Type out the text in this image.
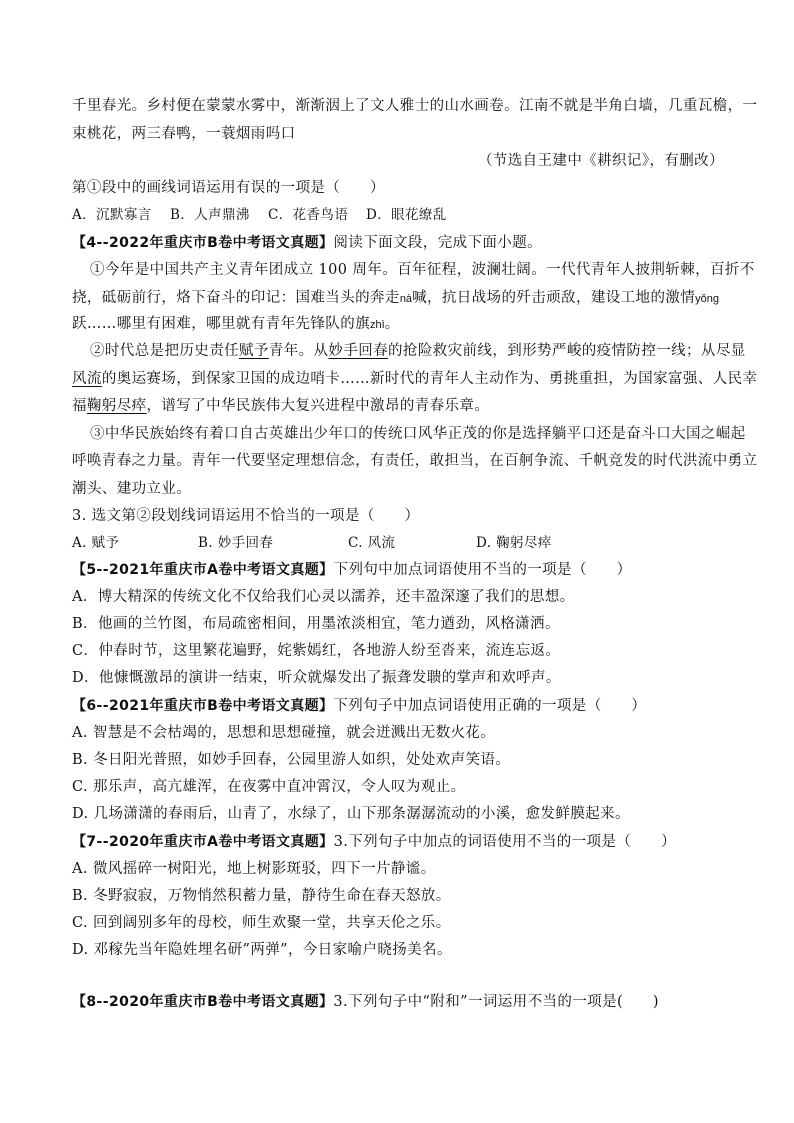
千里春光。乡村便在蒙蒙水雾中，渐渐洇上了文人雅士的山水画卷。江南不就是半角白墙，几重瓦檐，一
束桃花，两三春鸭，一蓑烟雨吗口
（节选自王建中《耕织记》，有删改）
第①段中的画线词语运用有误的一项是（　　）
A．沉默寡言	B．人声鼎沸	C．花香鸟语	D．眼花缭乱
【4--2022年重庆市B卷中考语文真题】阅读下面文段，完成下面小题。
①今年是中国共产主义青年团成立 100 周年。百年征程，波澜壮阔。一代代青年人披荆斩棘，百折不
挠，砥砺前行，烙下奋斗的印记：国难当头的奔走nà喊，抗日战场的歼击顽敌，建设工地的激情yǒng
跃……哪里有困难，哪里就有青年先锋队的旗zhì。
②时代总是把历史责任赋予青年。从妙手回春的抢险救灾前线，到形势严峻的疫情防控一线；从尽显
风流的奥运赛场，到保家卫国的成边哨卡……新时代的青年人主动作为、勇挑重担，为国家富强、人民幸
福鞠躬尽瘁，谱写了中华民族伟大复兴进程中激昂的青春乐章。
③中华民族始终有着口自古英雄出少年口的传统口风华正茂的你是选择躺平口还是奋斗口大国之崛起
呼唤青春之力量。青年一代要坚定理想信念，有责任，敢担当，在百舸争流、千帆竞发的时代洪流中勇立
潮头、建功立业。
3. 选文第②段划线词语运用不恰当的一项是（　　）
A. 赋予	B. 妙手回春	C. 风流	D. 鞠躬尽瘁
【5--2021年重庆市A卷中考语文真题】下列句中加点词语使用不当的一项是（　　）
A．博大精深的传统文化不仅给我们心灵以濡养，还丰盈深邃了我们的思想。
B．他画的兰竹图，布局疏密相间，用墨浓淡相宜，笔力遒劲，风格潇洒。
C．仲春时节，这里繁花遍野，姹紫嫣红，各地游人纷至沓来，流连忘返。
D．他慷慨激昂的演讲一结束，听众就爆发出了振聋发聩的掌声和欢呼声。
【6--2021年重庆市B卷中考语文真题】下列句子中加点词语使用正确的一项是（　　）
A. 智慧是不会枯竭的，思想和思想碰撞，就会迸溅出无数火花。
B. 冬日阳光普照，如妙手回春，公园里游人如织，处处欢声笑语。
C. 那乐声，高亢雄浑，在夜雾中直冲霄汉，令人叹为观止。
D. 几场潇潇的春雨后，山青了，水绿了，山下那条潺潺流动的小溪，愈发鲜膜起来。
【7--2020年重庆市A卷中考语文真题】3.下列句子中加点的词语使用不当的一项是（　　）
A. 微风摇碎一树阳光，地上树影斑驳，四下一片静谧。
B. 冬野寂寂，万物悄然积蓄力量，静待生命在春天怒放。
C. 回到阔别多年的母校，师生欢聚一堂，共享天伦之乐。
D. 邓稼先当年隐姓埋名研”两弹”，今日家喻户晓扬美名。
【8--2020年重庆市B卷中考语文真题】3.下列句子中“附和”一词运用不当的一项是(　　)
